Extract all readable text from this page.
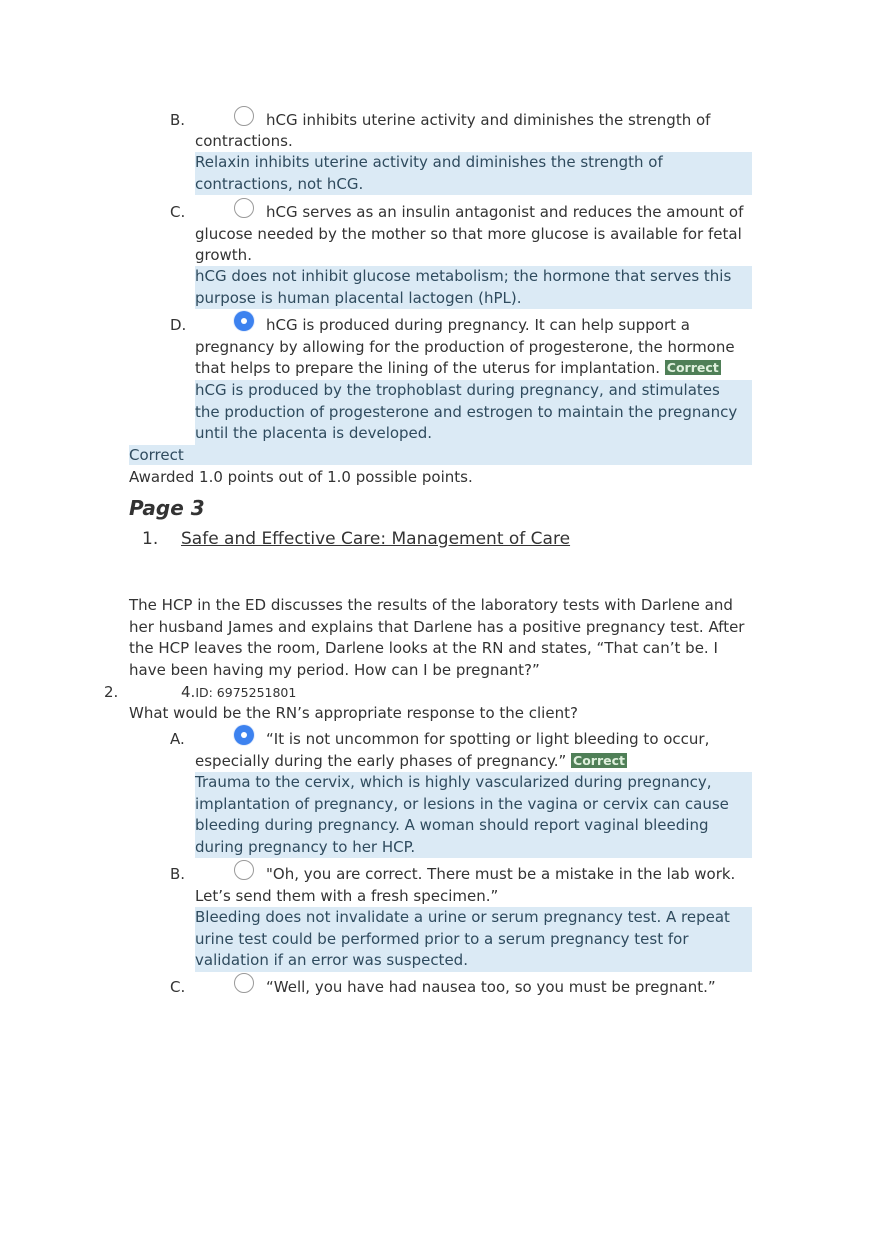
B.	hCG inhibits uterine activity and diminishes the strength of
contractions.
Relaxin inhibits uterine activity and diminishes the strength of
contractions, not hCG.
C.	hCG serves as an insulin antagonist and reduces the amount of
glucose needed by the mother so that more glucose is available for fetal
growth.
hCG does not inhibit glucose metabolism; the hormone that serves this
purpose is human placental lactogen (hPL).
D.	hCG is produced during pregnancy. It can help support a
pregnancy by allowing for the production of progesterone, the hormone
that helps to prepare the lining of the uterus for implantation. Correct
hCG is produced by the trophoblast during pregnancy, and stimulates
the production of progesterone and estrogen to maintain the pregnancy
until the placenta is developed.
Correct
Awarded 1.0 points out of 1.0 possible points.
Page 3
1. Safe and Effective Care: Management of Care
The HCP in the ED discusses the results of the laboratory tests with Darlene and
her husband James and explains that Darlene has a positive pregnancy test. After
the HCP leaves the room, Darlene looks at the RN and states, “That can’t be. I
have been having my period. How can I be pregnant?”
2.	4.ID: 6975251801
What would be the RN’s appropriate response to the client?
A.	“It is not uncommon for spotting or light bleeding to occur,
especially during the early phases of pregnancy.” Correct
Trauma to the cervix, which is highly vascularized during pregnancy,
implantation of pregnancy, or lesions in the vagina or cervix can cause
bleeding during pregnancy. A woman should report vaginal bleeding
during pregnancy to her HCP.
B.	"Oh, you are correct. There must be a mistake in the lab work.
Let’s send them with a fresh specimen.”
Bleeding does not invalidate a urine or serum pregnancy test. A repeat
urine test could be performed prior to a serum pregnancy test for
validation if an error was suspected.
C.	“Well, you have had nausea too, so you must be pregnant.”
